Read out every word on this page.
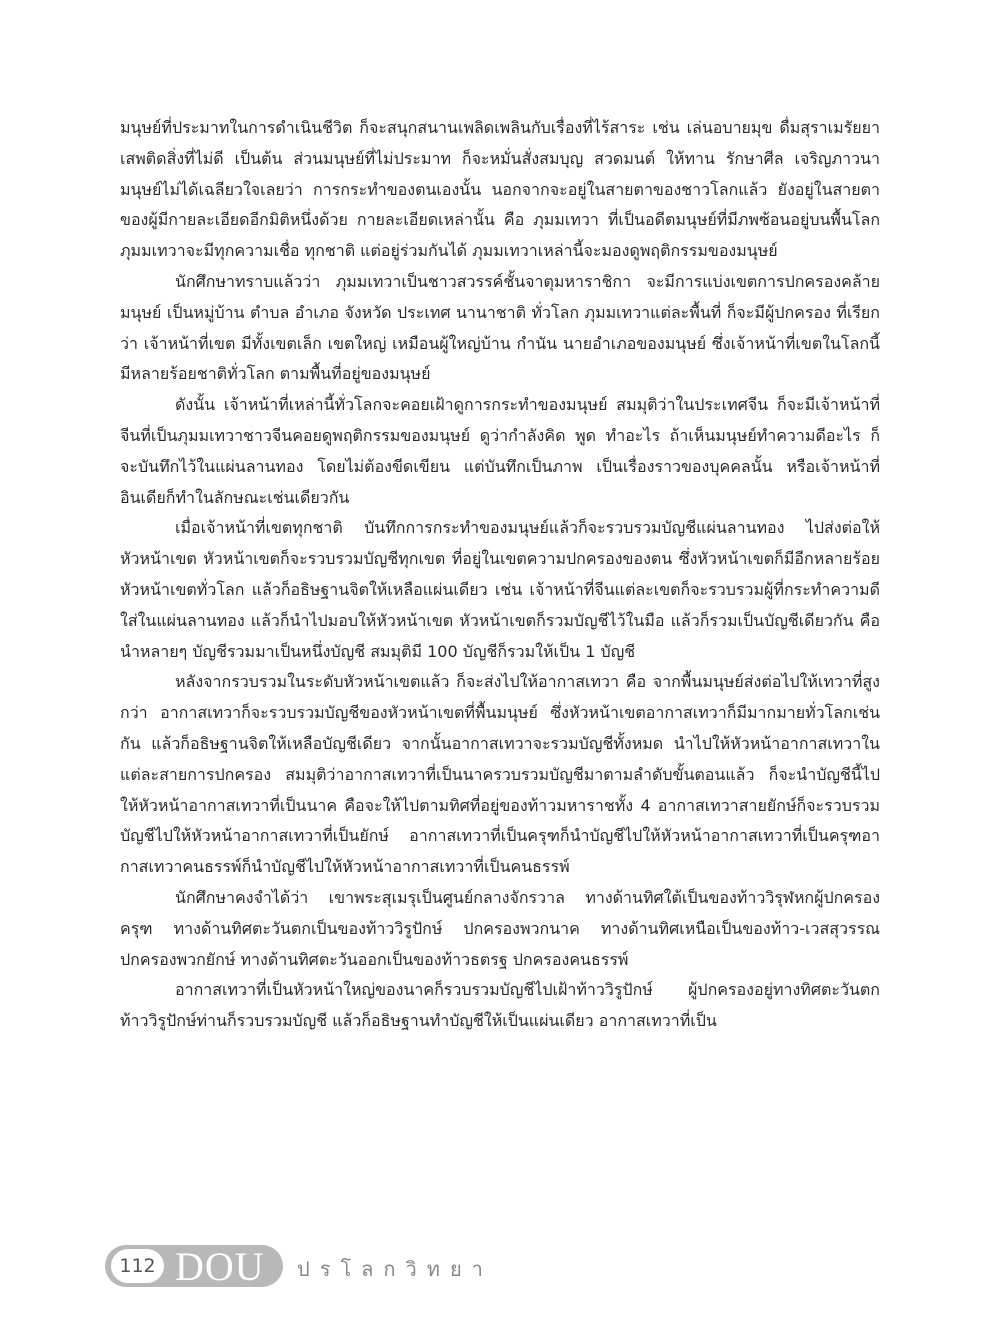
มนุษย์ที่ประมาทในการดำเนินชีวิต ก็จะสนุกสนานเพลิดเพลินกับเรื่องที่ไร้สาระ เช่น เล่นอบายมุข ดื่มสุราเมรัยยาเสพติดสิ่งที่ไม่ดี เป็นต้น ส่วนมนุษย์ที่ไม่ประมาท ก็จะหมั่นสั่งสมบุญ สวดมนต์ ให้ทาน รักษาศีล เจริญภาวนา มนุษย์ไม่ได้เฉลียวใจเลยว่า การกระทำของตนเองนั้น นอกจากจะอยู่ในสายตาของชาวโลกแล้ว ยังอยู่ในสายตาของผู้มีกายละเอียดอีกมิติหนึ่งด้วย กายละเอียดเหล่านั้น คือ ภุมมเทวา ที่เป็นอดีตมนุษย์ที่มีภพซ้อนอยู่บนพื้นโลก ภุมมเทวาจะมีทุกความเชื่อ ทุกชาติ แต่อยู่ร่วมกันได้ ภุมมเทวาเหล่านี้จะมองดูพฤติกรรมของมนุษย์

นักศึกษาทราบแล้วว่า ภุมมเทวาเป็นชาวสวรรค์ชั้นจาตุมหาราชิกา จะมีการแบ่งเขตการปกครองคล้ายมนุษย์ เป็นหมู่บ้าน ตำบล อำเภอ จังหวัด ประเทศ นานาชาติ ทั่วโลก ภุมมเทวาแต่ละพื้นที่ ก็จะมีผู้ปกครอง ที่เรียกว่า เจ้าหน้าที่เขต มีทั้งเขตเล็ก เขตใหญ่ เหมือนผู้ใหญ่บ้าน กำนัน นายอำเภอของมนุษย์ ซึ่งเจ้าหน้าที่เขตในโลกนี้มีหลายร้อยชาติทั่วโลก ตามพื้นที่อยู่ของมนุษย์

ดังนั้น เจ้าหน้าที่เหล่านี้ทั่วโลกจะคอยเฝ้าดูการกระทำของมนุษย์ สมมุติว่าในประเทศจีน ก็จะมีเจ้าหน้าที่จีนที่เป็นภุมมเทวาชาวจีนคอยดูพฤติกรรมของมนุษย์ ดูว่ากำลังคิด พูด ทำอะไร ถ้าเห็นมนุษย์ทำความดีอะไร ก็จะบันทึกไว้ในแผ่นลานทอง โดยไม่ต้องขีดเขียน แต่บันทึกเป็นภาพ เป็นเรื่องราวของบุคคลนั้น หรือเจ้าหน้าที่อินเดียก็ทำในลักษณะเช่นเดียวกัน

เมื่อเจ้าหน้าที่เขตทุกชาติ บันทึกการกระทำของมนุษย์แล้วก็จะรวบรวมบัญชีแผ่นลานทอง ไปส่งต่อให้หัวหน้าเขต หัวหน้าเขตก็จะรวบรวมบัญชีทุกเขต ที่อยู่ในเขตความปกครองของตน ซึ่งหัวหน้าเขตก็มีอีกหลายร้อยหัวหน้าเขตทั่วโลก แล้วก็อธิษฐานจิตให้เหลือแผ่นเดียว เช่น เจ้าหน้าที่จีนแต่ละเขตก็จะรวบรวมผู้ที่กระทำความดีใส่ในแผ่นลานทอง แล้วก็นำไปมอบให้หัวหน้าเขต หัวหน้าเขตก็รวมบัญชีไว้ในมือ แล้วก็รวมเป็นบัญชีเดียวกัน คือ นำหลายๆ บัญชีรวมมาเป็นหนึ่งบัญชี สมมุติมี 100 บัญชีก็รวมให้เป็น 1 บัญชี

หลังจากรวบรวมในระดับหัวหน้าเขตแล้ว ก็จะส่งไปให้อากาสเทวา คือ จากพื้นมนุษย์ส่งต่อไปให้เทวาที่สูงกว่า อากาสเทวาก็จะรวบรวมบัญชีของหัวหน้าเขตที่พื้นมนุษย์ ซึ่งหัวหน้าเขตอากาสเทวาก็มีมากมายทั่วโลกเช่นกัน แล้วก็อธิษฐานจิตให้เหลือบัญชีเดียว จากนั้นอากาสเทวาจะรวมบัญชีทั้งหมด นำไปให้หัวหน้าอากาสเทวาในแต่ละสายการปกครอง สมมุติว่าอากาสเทวาที่เป็นนาครวบรวมบัญชีมาตามลำดับขั้นตอนแล้ว ก็จะนำบัญชีนี้ไปให้หัวหน้าอากาสเทวาที่เป็นนาค คือจะให้ไปตามทิศที่อยู่ของท้าวมหาราชทั้ง 4 อากาสเทวาสายยักษ์ก็จะรวบรวมบัญชีไปให้หัวหน้าอากาสเทวาที่เป็นยักษ์ อากาสเทวาที่เป็นครุฑก็นำบัญชีไปให้หัวหน้าอากาสเทวาที่เป็นครุฑอากาสเทวาคนธรรพ์ก็นำบัญชีไปให้หัวหน้าอากาสเทวาที่เป็นคนธรรพ์

นักศึกษาคงจำได้ว่า เขาพระสุเมรุเป็นศูนย์กลางจักรวาล ทางด้านทิศใต้เป็นของท้าววิรุฬหกผู้ปกครองครุฑ ทางด้านทิศตะวันตกเป็นของท้าววิรูปักษ์ ปกครองพวกนาค ทางด้านทิศเหนือเป็นของท้าว-เวสสุวรรณ ปกครองพวกยักษ์ ทางด้านทิศตะวันออกเป็นของท้าวธตรฐ ปกครองคนธรรพ์

อากาสเทวาที่เป็นหัวหน้าใหญ่ของนาคก็รวบรวมบัญชีไปเฝ้าท้าววิรูปักษ์ ผู้ปกครองอยู่ทางทิศตะวันตก ท้าววิรูปักษ์ท่านก็รวบรวมบัญชี แล้วก็อธิษฐานทำบัญชีให้เป็นแผ่นเดียว อากาสเทวาที่เป็น

112 DOU ปรโลกวิทยา
